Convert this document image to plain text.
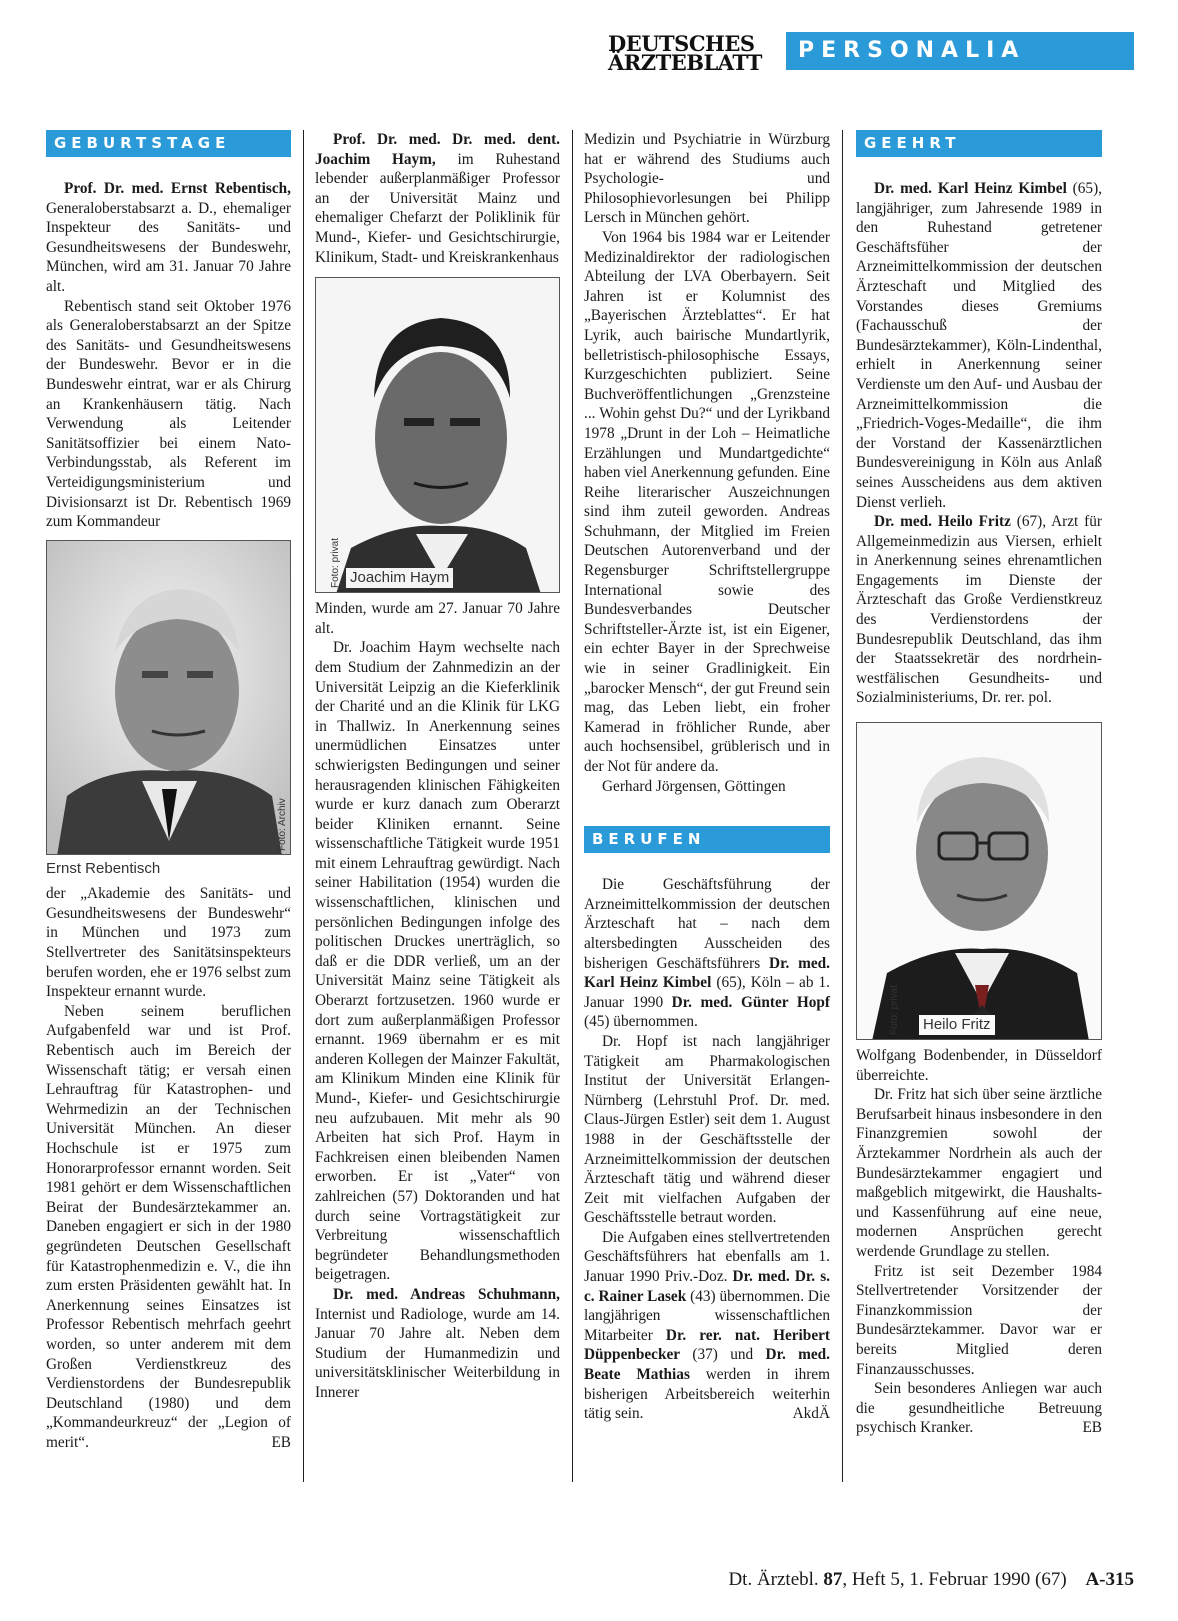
DEUTSCHES
ÄRZTEBLATT	PERSONALIA
GEBURTSTAGE

Prof. Dr. med. Ernst Rebentisch, Generaloberstabsarzt a. D., ehemaliger Inspekteur des Sanitäts- und Gesundheitswesens der Bundeswehr, München, wird am 31. Januar 70 Jahre alt.

Rebentisch stand seit Oktober 1976 als Generaloberstabsarzt an der Spitze des Sanitäts- und Gesundheitswesens der Bundeswehr. Bevor er in die Bundeswehr eintrat, war er als Chirurg an Krankenhäusern tätig. Nach Verwendung als Leitender Sanitätsoffizier bei einem Nato-Verbindungsstab, als Referent im Verteidigungsministerium und Divisionsarzt ist Dr. Rebentisch 1969 zum Kommandeur

Foto: Archiv
Ernst Rebentisch

der „Akademie des Sanitäts- und Gesundheitswesens der Bundeswehr“ in München und 1973 zum Stellvertreter des Sanitätsinspekteurs berufen worden, ehe er 1976 selbst zum Inspekteur ernannt wurde.

Neben seinem beruflichen Aufgabenfeld war und ist Prof. Rebentisch auch im Bereich der Wissenschaft tätig; er versah einen Lehrauftrag für Katastrophen- und Wehrmedizin an der Technischen Universität München. An dieser Hochschule ist er 1975 zum Honorarprofessor ernannt worden. Seit 1981 gehört er dem Wissenschaftlichen Beirat der Bundesärztekammer an. Daneben engagiert er sich in der 1980 gegründeten Deutschen Gesellschaft für Katastrophenmedizin e. V., die ihn zum ersten Präsidenten gewählt hat. In Anerkennung seines Einsatzes ist Professor Rebentisch mehrfach geehrt worden, so unter anderem mit dem Großen Verdienstkreuz des Verdienstordens der Bundesrepublik Deutschland (1980) und dem „Kommandeurkreuz“ der „Legion of merit“.	EB

Prof. Dr. med. Dr. med. dent. Joachim Haym, im Ruhestand lebender außerplanmäßiger Professor an der Universität Mainz und ehemaliger Chefarzt der Poliklinik für Mund-, Kiefer- und Gesichtschirurgie, Klinikum, Stadt- und Kreiskrankenhaus

Foto: privat Joachim Haym

Minden, wurde am 27. Januar 70 Jahre alt.

Dr. Joachim Haym wechselte nach dem Studium der Zahnmedizin an der Universität Leipzig an die Kieferklinik der Charité und an die Klinik für LKG in Thallwiz. In Anerkennung seines unermüdlichen Einsatzes unter schwierigsten Bedingungen und seiner herausragenden klinischen Fähigkeiten wurde er kurz danach zum Oberarzt beider Kliniken ernannt. Seine wissenschaftliche Tätigkeit wurde 1951 mit einem Lehrauftrag gewürdigt. Nach seiner Habilitation (1954) wurden die wissenschaftlichen, klinischen und persönlichen Bedingungen infolge des politischen Druckes unerträglich, so daß er die DDR verließ, um an der Universität Mainz seine Tätigkeit als Oberarzt fortzusetzen. 1960 wurde er dort zum außerplanmäßigen Professor ernannt. 1969 übernahm er es mit anderen Kollegen der Mainzer Fakultät, am Klinikum Minden eine Klinik für Mund-, Kiefer- und Gesichtschirurgie neu aufzubauen. Mit mehr als 90 Arbeiten hat sich Prof. Haym in Fachkreisen einen bleibenden Namen erworben. Er ist „Vater“ von zahlreichen (57) Doktoranden und hat durch seine Vortragstätigkeit zur Verbreitung wissenschaftlich begründeter Behandlungsmethoden beigetragen.

Dr. med. Andreas Schuhmann, Internist und Radiologe, wurde am 14. Januar 70 Jahre alt. Neben dem Studium der Humanmedizin und universitätsklinischer Weiterbildung in Innerer

Medizin und Psychiatrie in Würzburg hat er während des Studiums auch Psychologie- und Philosophievorlesungen bei Philipp Lersch in München gehört.

Von 1964 bis 1984 war er Leitender Medizinaldirektor der radiologischen Abteilung der LVA Oberbayern. Seit Jahren ist er Kolumnist des „Bayerischen Ärzteblattes“. Er hat Lyrik, auch bairische Mundartlyrik, belletristisch-philosophische Essays, Kurzgeschichten publiziert. Seine Buchveröffentlichungen „Grenzsteine ... Wohin gehst Du?“ und der Lyrikband 1978 „Drunt in der Loh – Heimatliche Erzählungen und Mundartgedichte“ haben viel Anerkennung gefunden. Eine Reihe literarischer Auszeichnungen sind ihm zuteil geworden. Andreas Schuhmann, der Mitglied im Freien Deutschen Autorenverband und der Regensburger Schriftstellergruppe International sowie des Bundesverbandes Deutscher Schriftsteller-Ärzte ist, ist ein Eigener, ein echter Bayer in der Sprechweise wie in seiner Gradlinigkeit. Ein „barocker Mensch“, der gut Freund sein mag, das Leben liebt, ein froher Kamerad in fröhlicher Runde, aber auch hochsensibel, grüblerisch und in der Not für andere da.

Gerhard Jörgensen, Göttingen

BERUFEN

Die Geschäftsführung der Arzneimittelkommission der deutschen Ärzteschaft hat – nach dem altersbedingten Ausscheiden des bisherigen Geschäftsführers Dr. med. Karl Heinz Kimbel (65), Köln – ab 1. Januar 1990 Dr. med. Günter Hopf (45) übernommen.

Dr. Hopf ist nach langjähriger Tätigkeit am Pharmakologischen Institut der Universität Erlangen-Nürnberg (Lehrstuhl Prof. Dr. med. Claus-Jürgen Estler) seit dem 1. August 1988 in der Geschäftsstelle der Arzneimittelkommission der deutschen Ärzteschaft tätig und während dieser Zeit mit vielfachen Aufgaben der Geschäftsstelle betraut worden.

Die Aufgaben eines stellvertretenden Geschäftsführers hat ebenfalls am 1. Januar 1990 Priv.-Doz. Dr. med. Dr. s. c. Rainer Lasek (43) übernommen. Die langjährigen wissenschaftlichen Mitarbeiter Dr. rer. nat. Heribert Düppenbecker (37) und Dr. med. Beate Mathias werden in ihrem bisherigen Arbeitsbereich weiterhin tätig sein.	AkdÄ

GEEHRT

Dr. med. Karl Heinz Kimbel (65), langjähriger, zum Jahresende 1989 in den Ruhestand getretener Geschäftsfüher der Arzneimittelkommission der deutschen Ärzteschaft und Mitglied des Vorstandes dieses Gremiums (Fachausschuß der Bundesärztekammer), Köln-Lindenthal, erhielt in Anerkennung seiner Verdienste um den Auf- und Ausbau der Arzneimittelkommission die „Friedrich-Voges-Medaille“, die ihm der Vorstand der Kassenärztlichen Bundesvereinigung in Köln aus Anlaß seines Ausscheidens aus dem aktiven Dienst verlieh.

Dr. med. Heilo Fritz (67), Arzt für Allgemeinmedizin aus Viersen, erhielt in Anerkennung seines ehrenamtlichen Engagements im Dienste der Ärzteschaft das Große Verdienstkreuz des Verdienstordens der Bundesrepublik Deutschland, das ihm der Staatssekretär des nordrhein-westfälischen Gesundheits- und Sozialministeriums, Dr. rer. pol.

Foto: privat	Heilo Fritz

Wolfgang Bodenbender, in Düsseldorf überreichte.

Dr. Fritz hat sich über seine ärztliche Berufsarbeit hinaus insbesondere in den Finanzgremien sowohl der Ärztekammer Nordrhein als auch der Bundesärztekammer engagiert und maßgeblich mitgewirkt, die Haushalts- und Kassenführung auf eine neue, modernen Ansprüchen gerecht werdende Grundlage zu stellen.

Fritz ist seit Dezember 1984 Stellvertretender Vorsitzender der Finanzkommission der Bundesärztekammer. Davor war er bereits Mitglied deren Finanzausschusses.

Sein besonderes Anliegen war auch die gesundheitliche Betreuung psychisch Kranker.	EB

Dt. Ärztebl. 87, Heft 5, 1. Februar 1990 (67) A-315
